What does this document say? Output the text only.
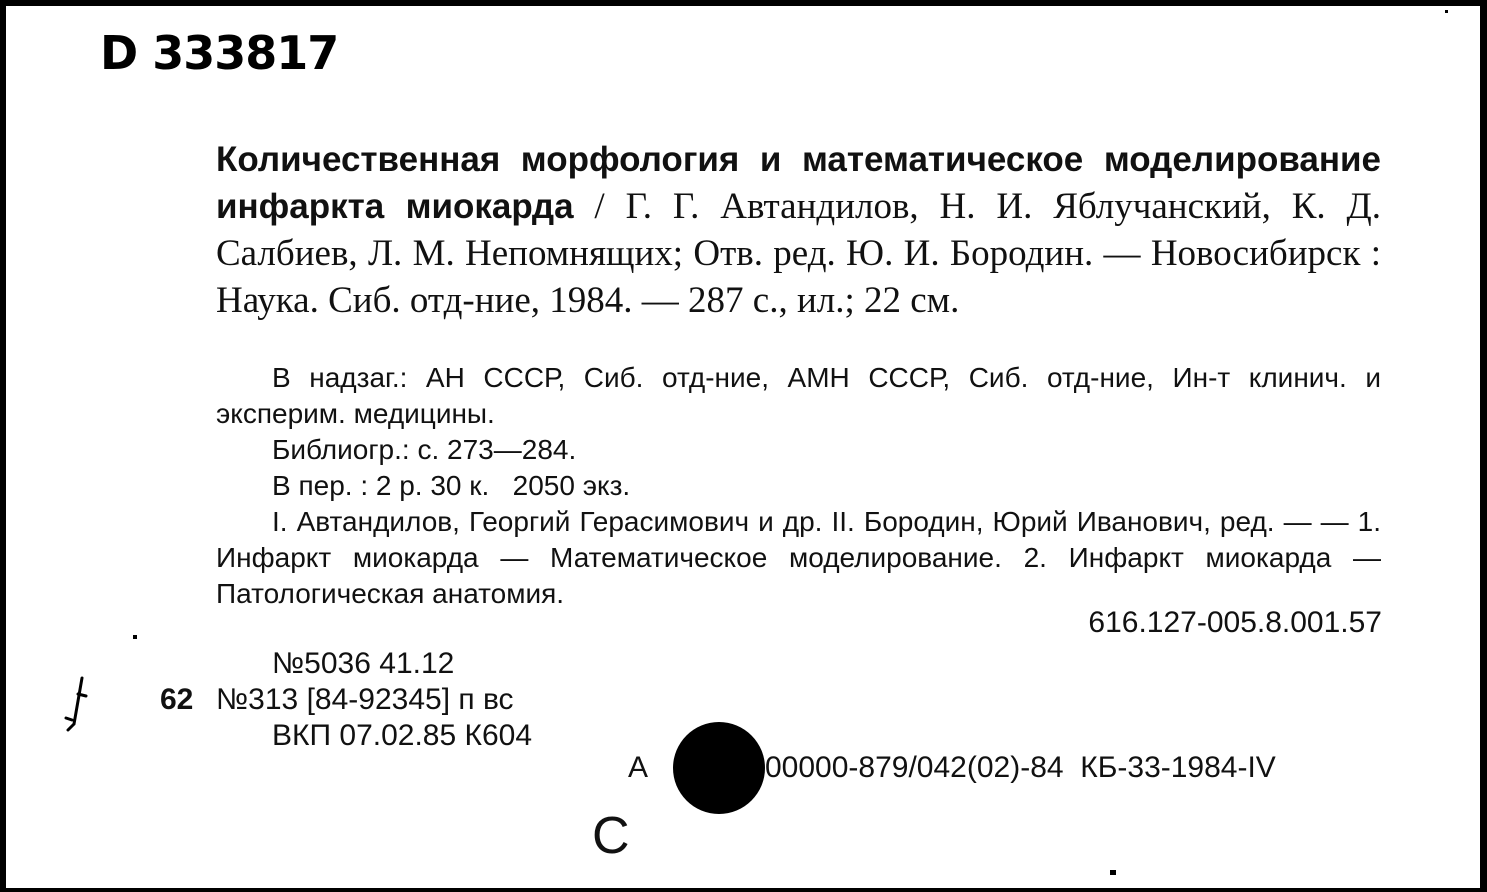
D 333817
Количественная морфология и математическое моделирование инфаркта миокарда / Г. Г. Автандилов, Н. И. Яблучанский, К. Д. Салбиев, Л. М. Непомнящих; Отв. ред. Ю. И. Бородин. — Новосибирск : Наука. Сиб. отд-ние, 1984. — 287 с., ил.; 22 см.

В надзаг.: АН СССР, Сиб. отд-ние, АМН СССР, Сиб. отд-ние, Ин-т клинич. и эксперим. медицины.

Библиогр.: с. 273—284.

В пер. : 2 р. 30 к.   2050 экз.

I. Автандилов, Георгий Герасимович и др. II. Бородин, Юрий Иванович, ред. — — 1. Инфаркт миокарда — Математическое моделирование. 2. Инфаркт миокарда — Патологическая анатомия.

616.127-005.8.001.57
№5036 41.12
62 №313 [84-92345] п вс
ВКП 07.02.85 К604
A	00000-879/042(02)-84  КБ-33-1984-IV
C
